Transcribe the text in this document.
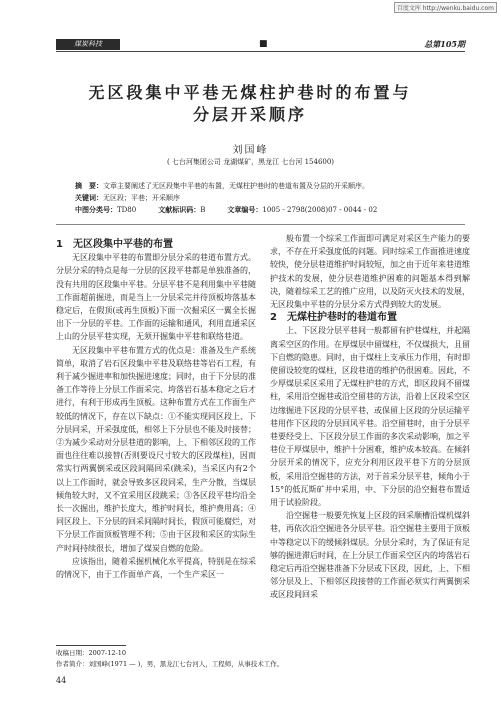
百度文库 http://wenku.baidu.com
煤炭科技	■	总第105期
无区段集中平巷无煤柱护巷时的布置与
分层开采顺序
刘国峰
( 七台河集团公司 龙湖煤矿，黑龙江 七台河 154600)
摘　要：文章主要阐述了无区段集中平巷的布置，无煤柱护巷时的巷道布置及分层的开采顺序。
关键词：无区段；平巷；开采顺序
中图分类号：TD80	文献标识码：B	文章编号：1005 - 2798(2008)07 - 0044 - 02

1　无区段集中平巷的布置

无区段集中平巷的布置即分层分采的巷道布置方式。分层分采的特点是每一分层的区段平巷都是单独准备的，没有共用的区段集中平巷。分层平巷不是利用集中平巷随工作面超前掘进，而是当上一分层采完并待顶板垮落基本稳定后，在假顶(或再生顶板)下面一次掘采区一翼全长掘出下一分层的平巷。工作面的运输和通风，利用直通采区上山的分层平巷实现，无须开掘集中平巷和联络巷道。

无区段集中平巷布置方式的优点是：准备及生产系统简单，取消了岩石区段集中平巷及联络巷等岩石工程，有利于减少掘进率和加快掘进速度；同时，由于下分层的准备工作等待上分层工作面采完、垮落岩石基本稳定之后才进行，有利于形成再生顶板。这种布置方式在工作面生产较低的情况下，存在以下缺点：①不能实现同区段上、下分层同采，开采强度低，相邻上下分层也不能及时接替；②为减少采动对分层巷道的影响，上、下相邻区段的工作面也往往难以接替(否则要设尺寸较大的区段煤柱)，因而常实行两翼倒采或区段间隔回采(跳采)，当采区内有2个以上工作面时，就会导致多区段同采，生产分散，当煤层倾角较大时，又不宜采用区段跳采；③各区段平巷均沿全长一次掘出，维护长度大，维护时间长，维护费用高；④同区段上、下分层的回采间隔时间长，假顶可能腐烂，对下分层工作面顶板管理不利；⑤由于区段和采区的实际生产时间持续很长，增加了煤炭自燃的危险。

应该指出，随着采掘机械化水平提高，特别是在综采的情况下，由于工作面单产高，一个生产采区一

般布置一个综采工作面即可满足对采区生产能力的要求，不存在开采强度低的问题。同时综采工作面推进速度较快，使分层巷道维护时间较短，加之由于近年来巷道维护技术的发展，使分层巷道维护困难的问题基本得到解决，随着综采工艺的推广应用，以及防灭火技术的发展，无区段集中平巷的分层分采方式得到较大的发展。

2　无煤柱护巷时的巷道布置

上、下区段分层平巷间一般都留有护巷煤柱，并起隔离采空区的作用。在厚煤层中留煤柱，不仅煤损大，且留下自燃的隐患。同时，由于煤柱上支承压力作用，有时即使留设较宽的煤柱，区段巷道的维护仍很困难。因此，不少厚煤层采区采用了无煤柱护巷的方式，即区段间不留煤柱，采用沿空掘巷或沿空留巷的方法，沿着上区段采空区边缘掘进下区段的分层平巷，或保留上区段的分层运输平巷用作下区段的分层回风平巷。沿空留巷时，由于分层平巷要经受上、下区段分层工作面的多次采动影响，加之平巷位于厚煤层中，维护十分困难，维护成本较高。在倾斜分层开采的情况下，应充分利用区段平巷下方的分层顶板，采用沿空掘巷的方法，对于首采分层平巷，倾角小于15°的低瓦斯矿井中采用，中、下分层的沿空掘巷布置适用于试验阶段。

沿空掘巷一般要先恢复上区段的回采顺槽沿煤机煤斜巷，再依次沿空掘进各分层平巷。沿空掘巷主要用于顶板中等稳定以下的缓倾斜煤层。分层分采时，为了保证有足够的掘进滞后时间，在上分层工作面采空区内的垮落岩石稳定后再沿空掘巷准备下分层或下区段，因此，上、下相邻分层及上、下相邻区段接替的工作面必须实行两翼倒采或区段间回采

收稿日期：2007-12-10
作者简介：刘国峰(1971 — )，男，黑龙江七台河人，工程师，从事技术工作。
44
